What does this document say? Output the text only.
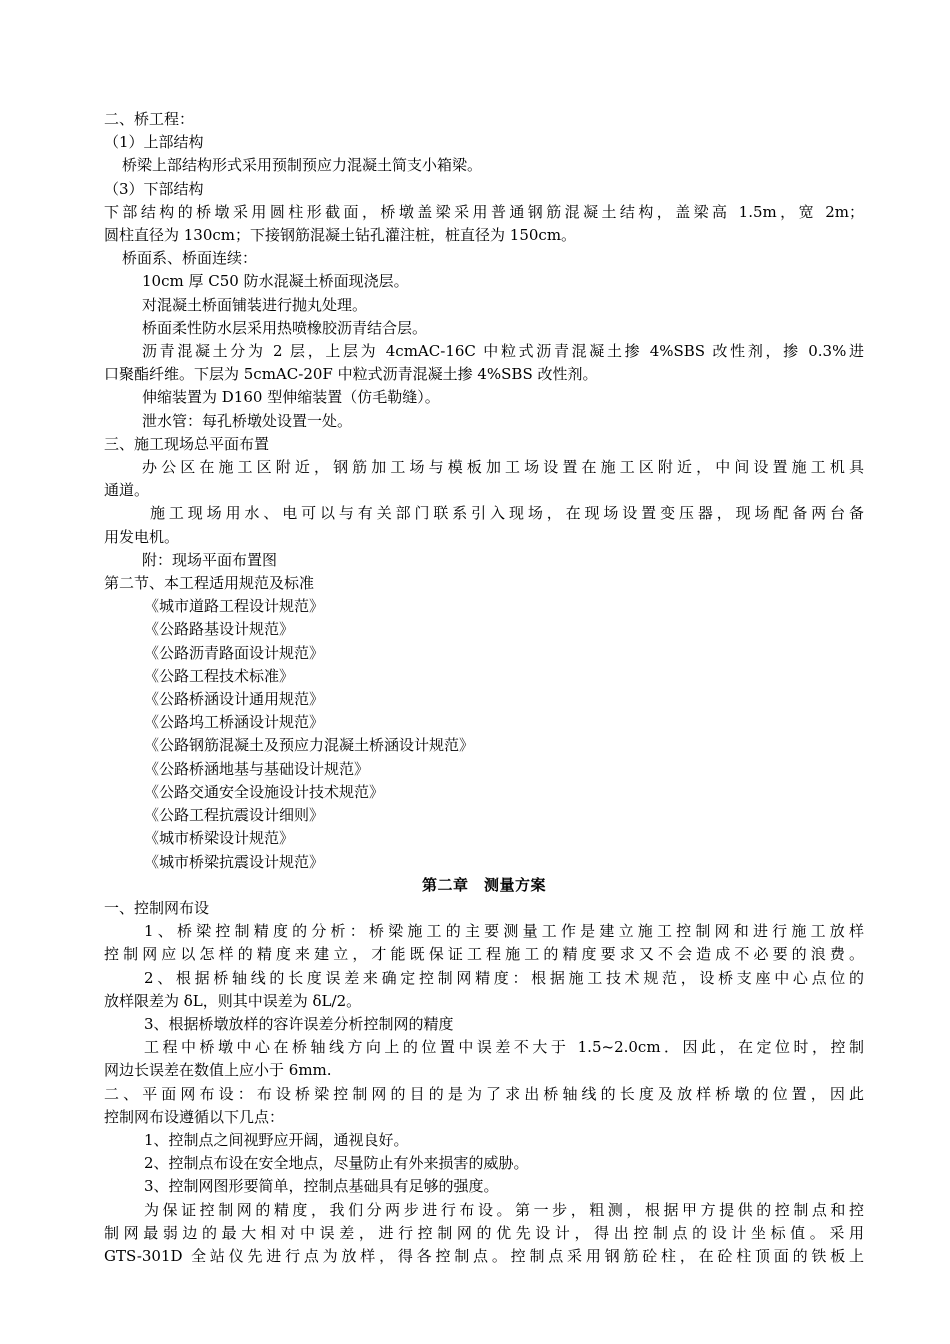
二、桥工程：

（1）上部结构

桥梁上部结构形式采用预制预应力混凝土简支小箱梁。

（3）下部结构

下部结构的桥墩采用圆柱形截面，桥墩盖梁采用普通钢筋混凝土结构，盖梁高 1.5m，宽 2m；

圆柱直径为 130cm；下接钢筋混凝土钻孔灌注桩，桩直径为 150cm。

桥面系、桥面连续：

10cm 厚 C50 防水混凝土桥面现浇层。

对混凝土桥面铺装进行抛丸处理。

桥面柔性防水层采用热喷橡胶沥青结合层。

沥青混凝土分为 2 层，上层为 4cmAC-16C 中粒式沥青混凝土掺 4%SBS 改性剂，掺 0.3%进

口聚酯纤维。下层为 5cmAC-20F 中粒式沥青混凝土掺 4%SBS 改性剂。

伸缩装置为 D160 型伸缩装置（仿毛勒缝）。

泄水管：每孔桥墩处设置一处。

三、施工现场总平面布置

办公区在施工区附近，钢筋加工场与模板加工场设置在施工区附近，中间设置施工机具

通道。

施工现场用水、电可以与有关部门联系引入现场，在现场设置变压器，现场配备两台备

用发电机。

附：现场平面布置图

第二节、本工程适用规范及标准

《城市道路工程设计规范》

《公路路基设计规范》

《公路沥青路面设计规范》

《公路工程技术标准》

《公路桥涵设计通用规范》

《公路坞工桥涵设计规范》

《公路钢筋混凝土及预应力混凝土桥涵设计规范》

《公路桥涵地基与基础设计规范》

《公路交通安全设施设计技术规范》

《公路工程抗震设计细则》

《城市桥梁设计规范》

《城市桥梁抗震设计规范》

第二章　测量方案

一、控制网布设

1、桥梁控制精度的分析：桥梁施工的主要测量工作是建立施工控制网和进行施工放样

控制网应以怎样的精度来建立，才能既保证工程施工的精度要求又不会造成不必要的浪费。

2、根据桥轴线的长度误差来确定控制网精度：根据施工技术规范，设桥支座中心点位的

放样限差为 δL，则其中误差为 δL/2。

3、根据桥墩放样的容许误差分析控制网的精度

工程中桥墩中心在桥轴线方向上的位置中误差不大于 1.5~2.0cm．因此，在定位时，控制

网边长误差在数值上应小于 6mm.

二、平面网布设：布设桥梁控制网的目的是为了求出桥轴线的长度及放样桥墩的位置，因此

控制网布设遵循以下几点：

1、控制点之间视野应开阔，通视良好。

2、控制点布设在安全地点，尽量防止有外来损害的威胁。

3、控制网图形要简单，控制点基础具有足够的强度。

为保证控制网的精度，我们分两步进行布设。第一步，粗测，根据甲方提供的控制点和控

制网最弱边的最大相对中误差，进行控制网的优先设计，得出控制点的设计坐标值。采用

GTS-301D 全站仪先进行点为放样，得各控制点。控制点采用钢筋砼柱，在砼柱顶面的铁板上
